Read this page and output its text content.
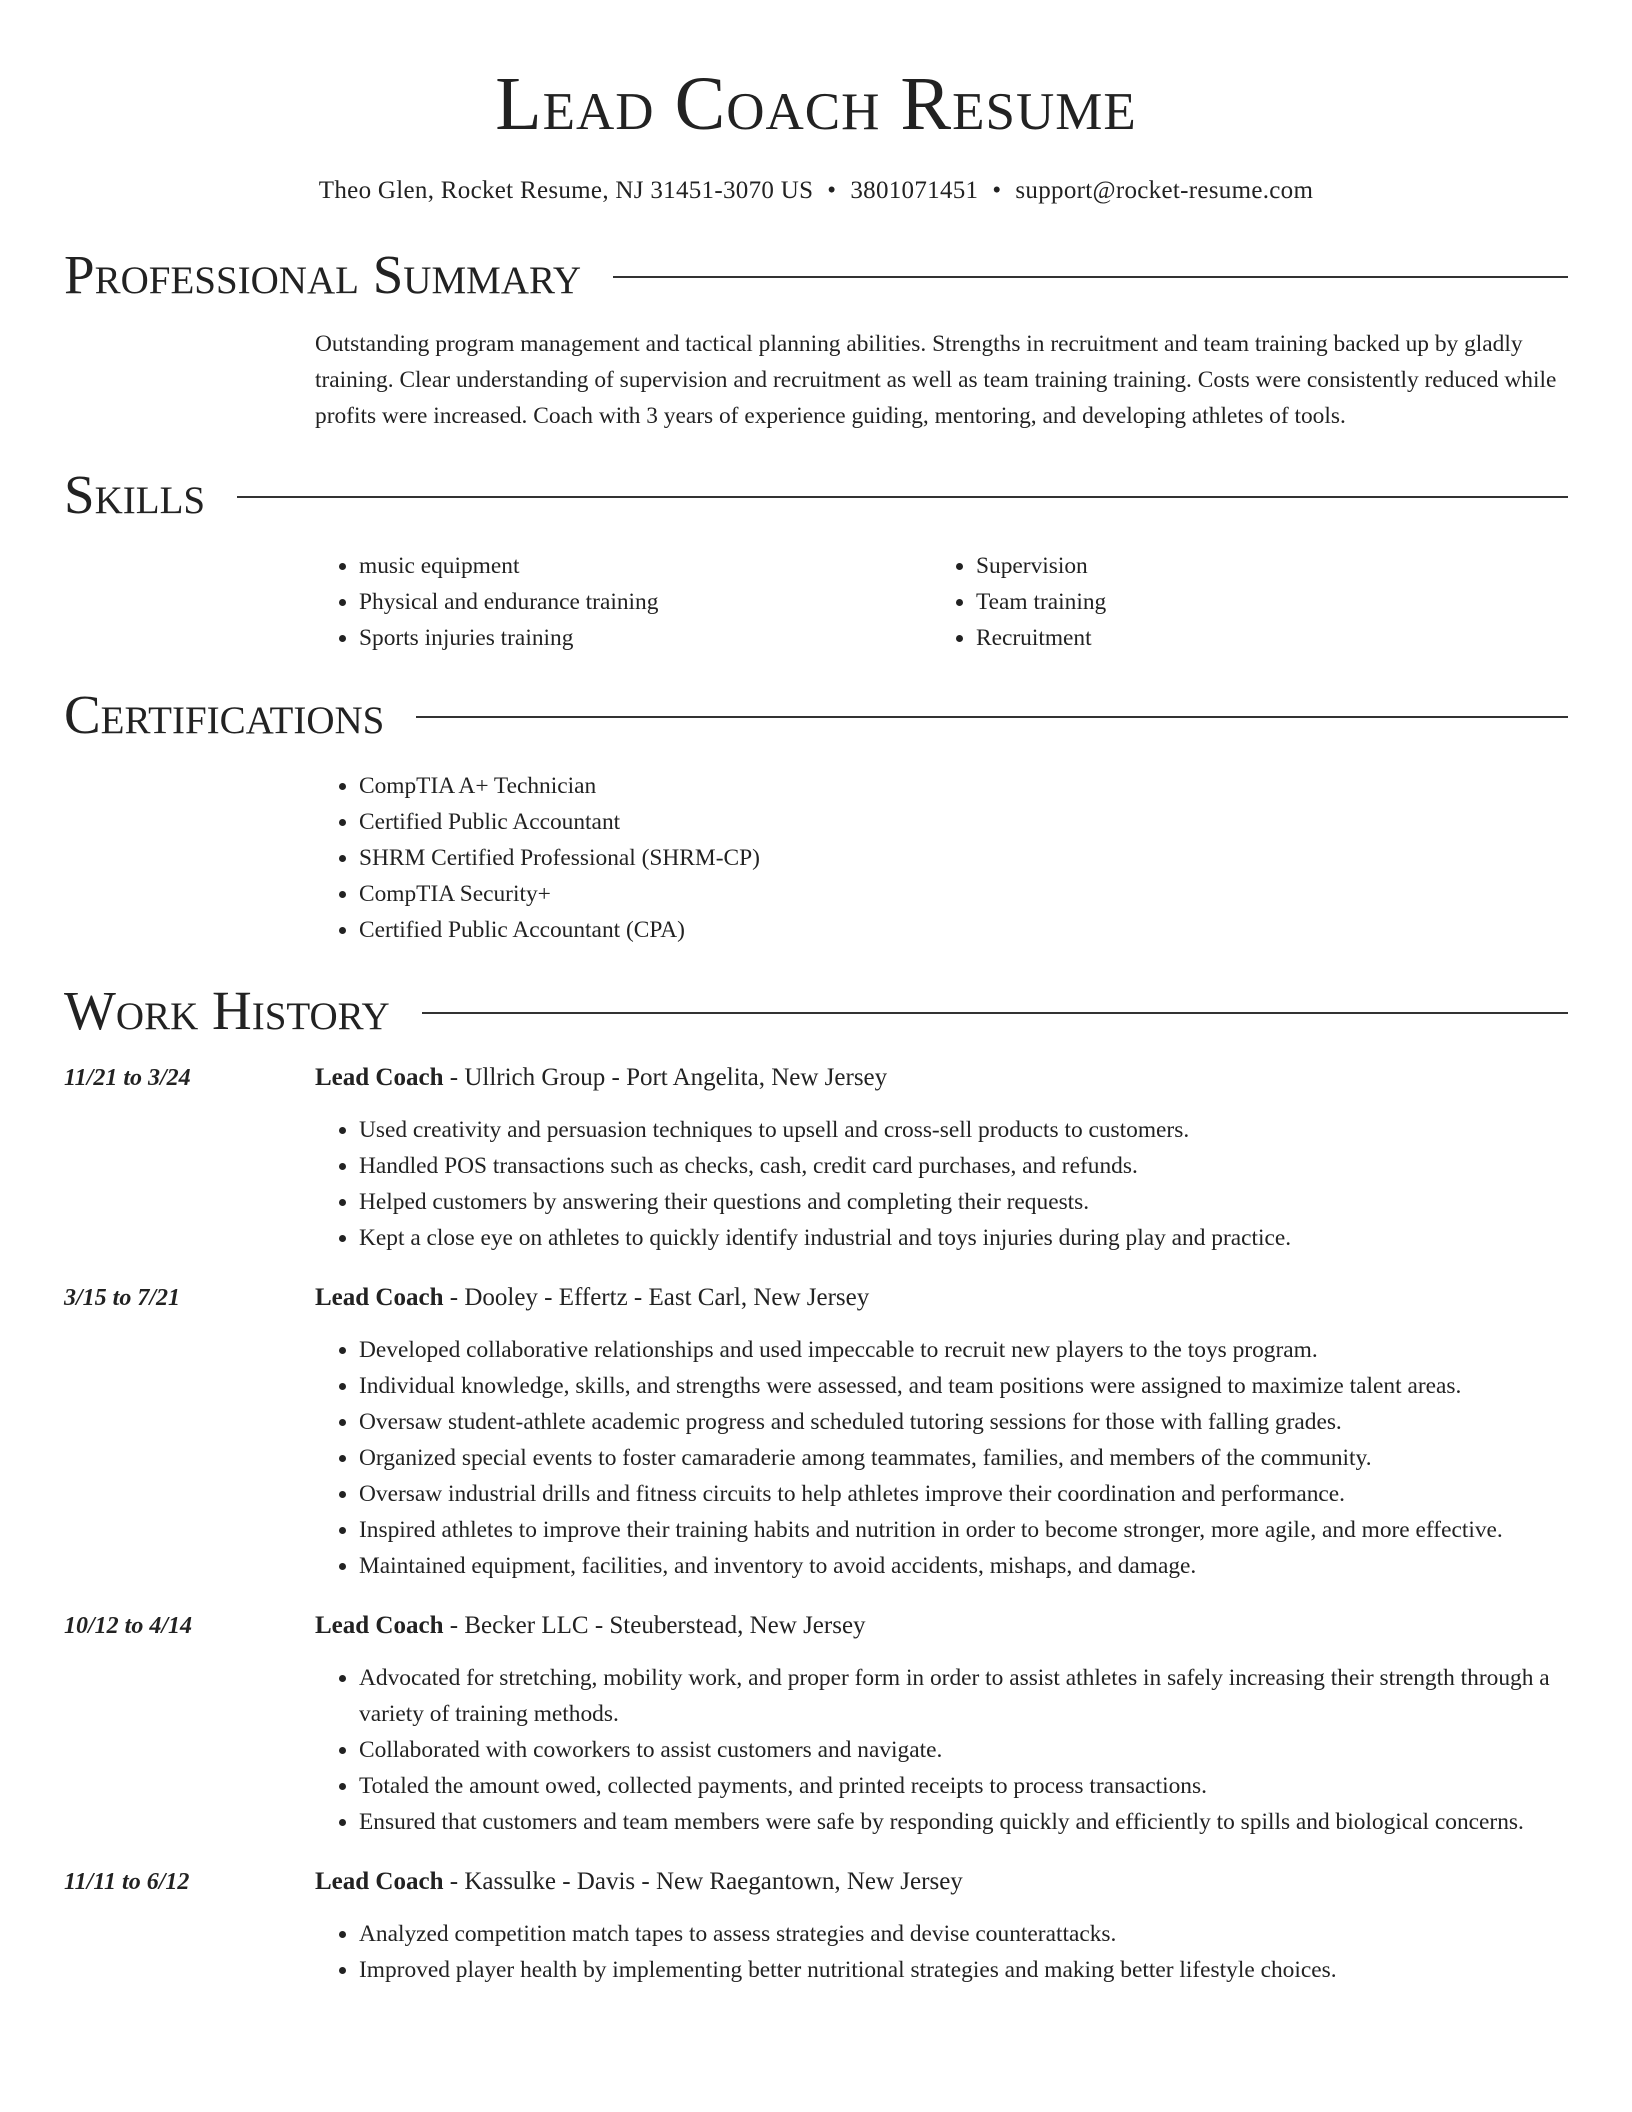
Lead Coach Resume
Theo Glen, Rocket Resume, NJ 31451-3070 US • 3801071451 • support@rocket-resume.com
Professional Summary

Outstanding program management and tactical planning abilities. Strengths in recruitment and team training backed up by gladly training. Clear understanding of supervision and recruitment as well as team training training. Costs were consistently reduced while profits were increased. Coach with 3 years of experience guiding, mentoring, and developing athletes of tools.

Skills
• music equipment
• Physical and endurance training
• Sports injuries training
• Supervision
• Team training
• Recruitment
Certifications
• CompTIA A+ Technician
• Certified Public Accountant
• SHRM Certified Professional (SHRM-CP)
• CompTIA Security+
• Certified Public Accountant (CPA)
Work History
11/21 to 3/24	Lead Coach - Ullrich Group - Port Angelita, New Jersey
• Used creativity and persuasion techniques to upsell and cross-sell products to customers.
• Handled POS transactions such as checks, cash, credit card purchases, and refunds.
• Helped customers by answering their questions and completing their requests.
• Kept a close eye on athletes to quickly identify industrial and toys injuries during play and practice.
3/15 to 7/21	Lead Coach - Dooley - Effertz - East Carl, New Jersey
• Developed collaborative relationships and used impeccable to recruit new players to the toys program.
• Individual knowledge, skills, and strengths were assessed, and team positions were assigned to maximize talent areas.
• Oversaw student-athlete academic progress and scheduled tutoring sessions for those with falling grades.
• Organized special events to foster camaraderie among teammates, families, and members of the community.
• Oversaw industrial drills and fitness circuits to help athletes improve their coordination and performance.
• Inspired athletes to improve their training habits and nutrition in order to become stronger, more agile, and more effective.
• Maintained equipment, facilities, and inventory to avoid accidents, mishaps, and damage.
10/12 to 4/14	Lead Coach - Becker LLC - Steuberstead, New Jersey
• Advocated for stretching, mobility work, and proper form in order to assist athletes in safely increasing their strength through a variety of training methods.
• Collaborated with coworkers to assist customers and navigate.
• Totaled the amount owed, collected payments, and printed receipts to process transactions.
• Ensured that customers and team members were safe by responding quickly and efficiently to spills and biological concerns.
11/11 to 6/12	Lead Coach - Kassulke - Davis - New Raegantown, New Jersey
• Analyzed competition match tapes to assess strategies and devise counterattacks.
• Improved player health by implementing better nutritional strategies and making better lifestyle choices.
